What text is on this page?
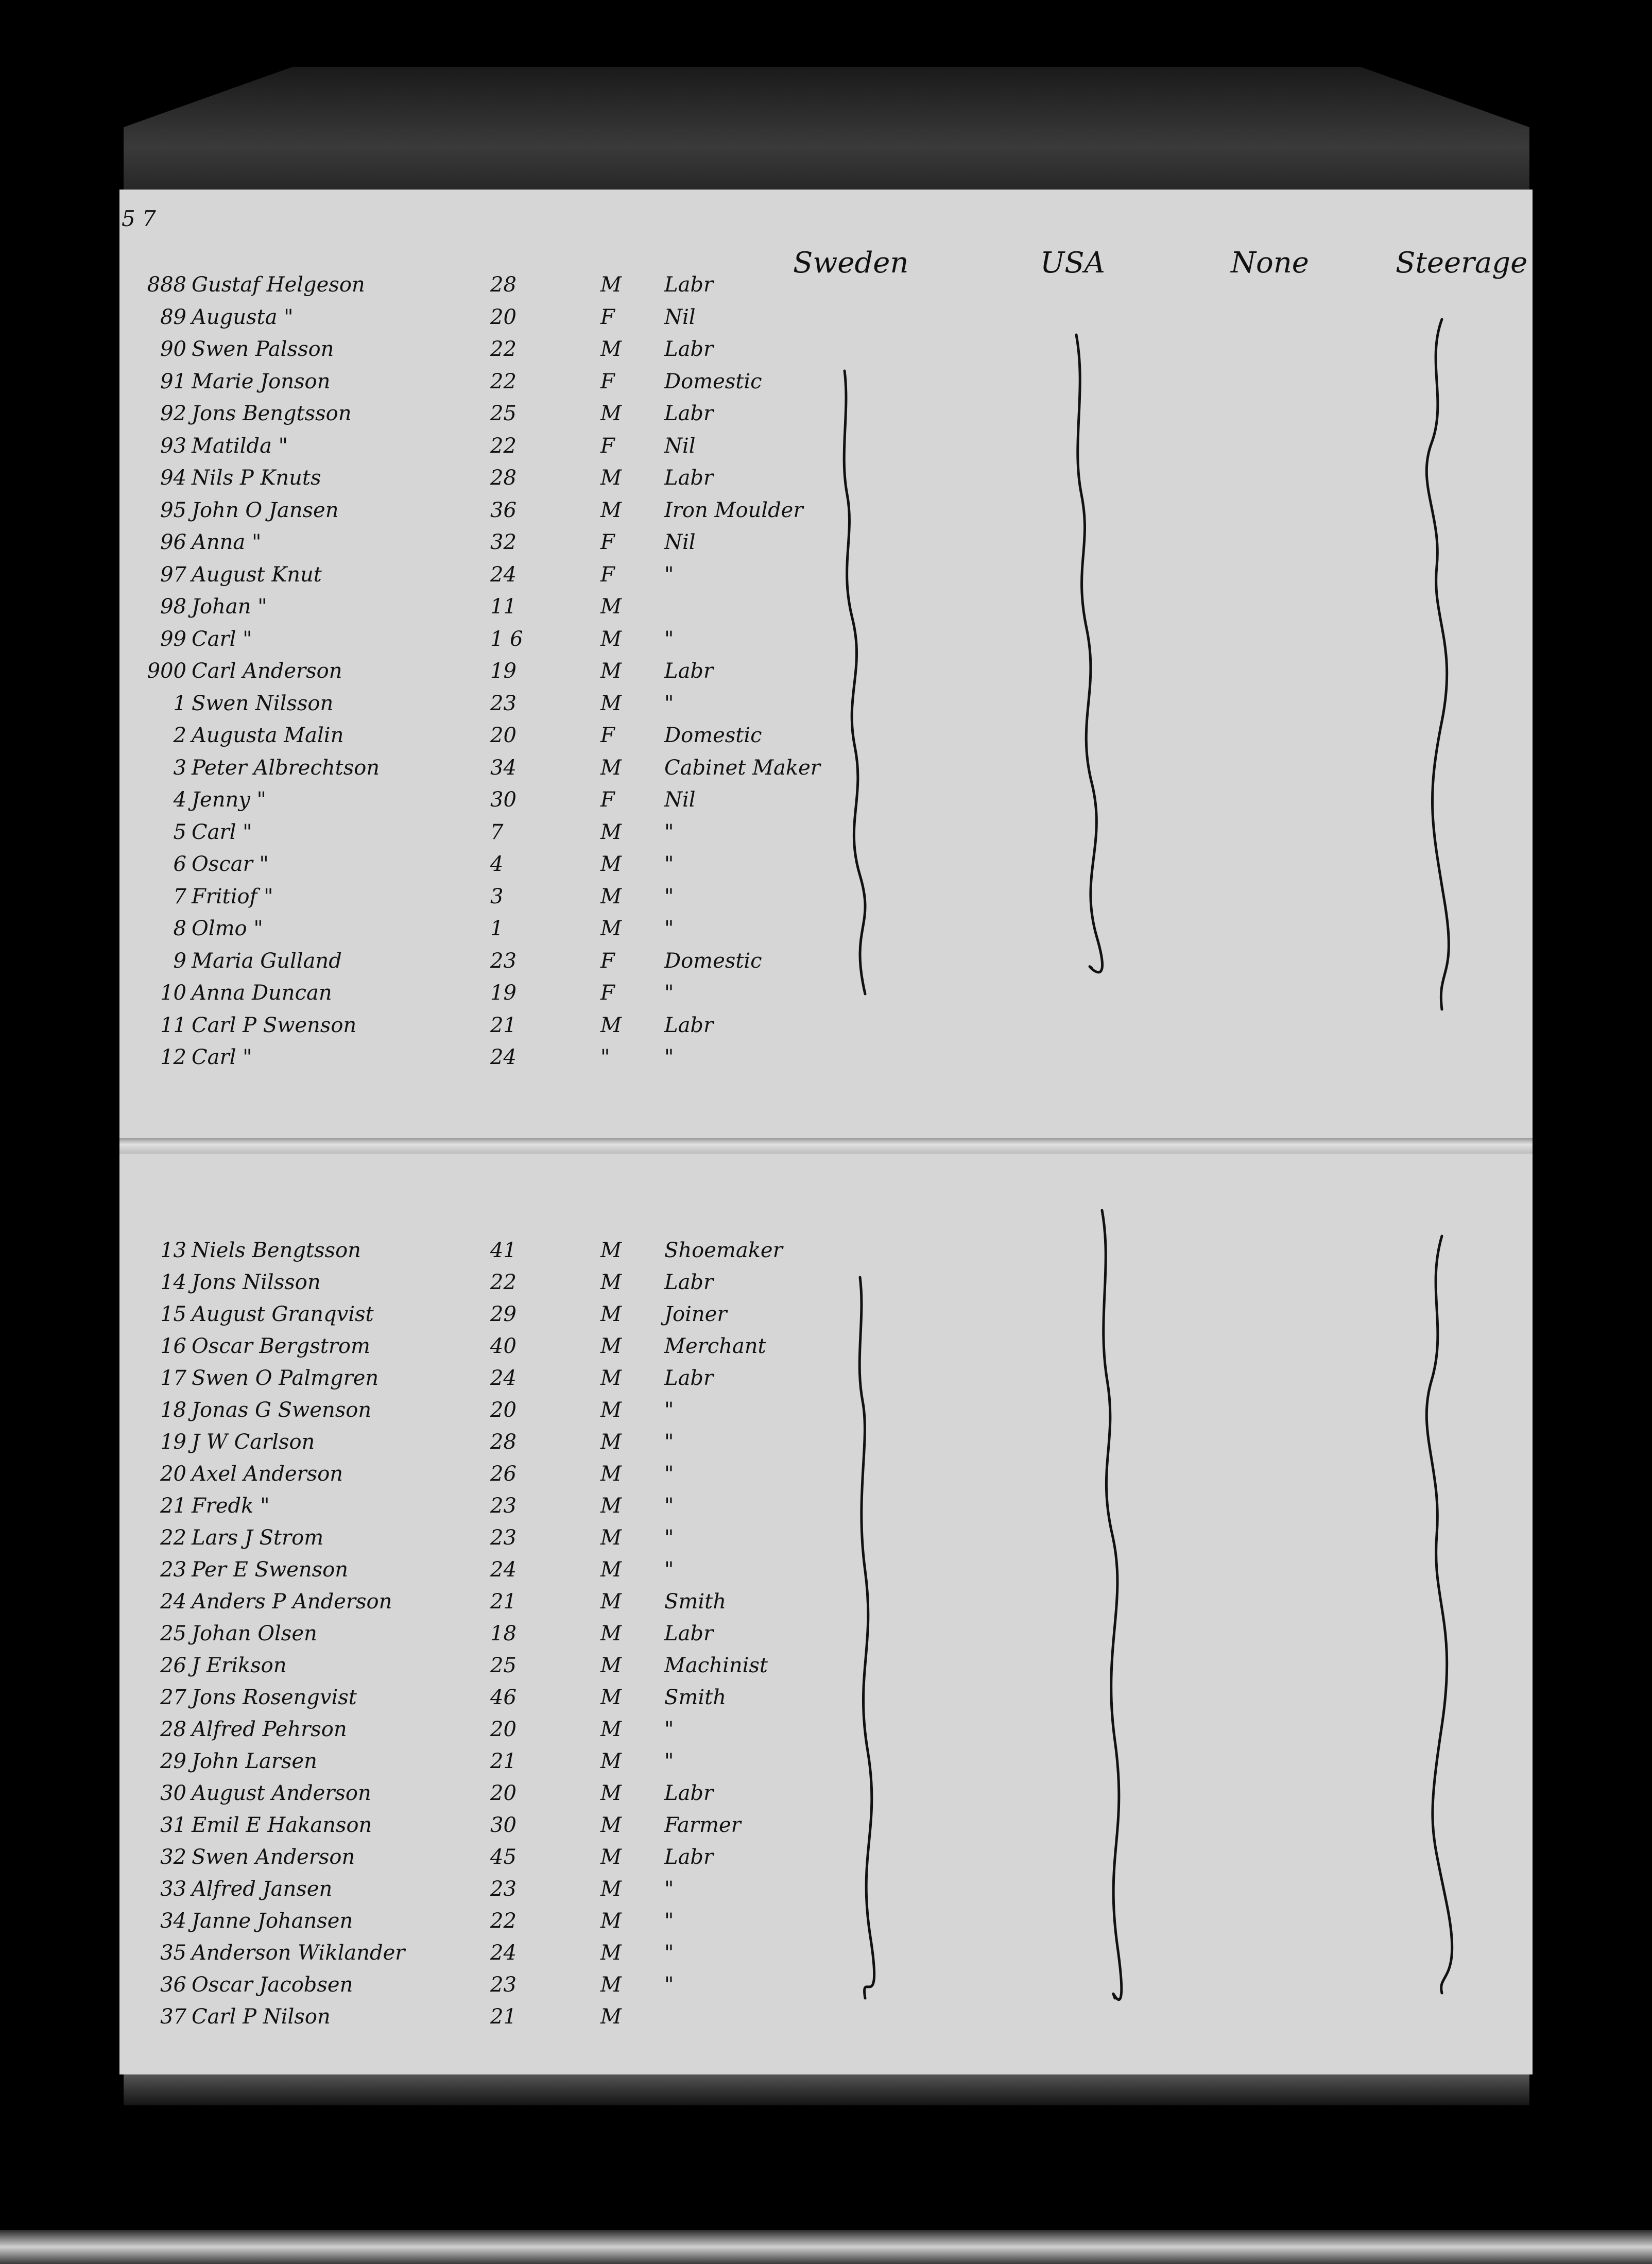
5 7
Sweden	USA	None	Steerage
888 Gustaf Helgeson	28	M Labr
89 Augusta "	20	F Nil
90 Swen Palsson	22	M Labr
91 Marie Jonson	22	F Domestic
92 Jons Bengtsson	25	M Labr
93 Matilda "	22	F Nil
94 Nils P Knuts	28	M Labr
95 John O Jansen	36	M Iron Moulder
96 Anna "	32	F Nil
97 August Knut	24	F "
98 Johan "	11	M
99 Carl "	1 6	M "
900 Carl Anderson	19	M Labr
1 Swen Nilsson	23	M "
2 Augusta Malin	20	F Domestic
3 Peter Albrechtson	34	M Cabinet Maker
4 Jenny "	30	F Nil
5 Carl "	7	M "
6 Oscar "	4	M "
7 Fritiof "	3	M "
8 Olmo "	1	M "
9 Maria Gulland	23	F Domestic
10 Anna Duncan	19	F "
11 Carl P Swenson	21	M Labr
12 Carl "	24	"	"
13 Niels Bengtsson	41	M Shoemaker
14 Jons Nilsson	22	M Labr
15 August Granqvist	29	M Joiner
16 Oscar Bergstrom	40	M Merchant
17 Swen O Palmgren	24	M Labr
18 Jonas G Swenson	20	M "
19 J W Carlson	28	M "
20 Axel Anderson	26	M "
21 Fredk "	23	M "
22 Lars J Strom	23	M "
23 Per E Swenson	24	M "
24 Anders P Anderson	21	M Smith
25 Johan Olsen	18	M Labr
26 J Erikson	25	M Machinist
27 Jons Rosengvist	46	M Smith
28 Alfred Pehrson	20	M "
29 John Larsen	21	M "
30 August Anderson	20	M Labr
31 Emil E Hakanson	30	M Farmer
32 Swen Anderson	45	M Labr
33 Alfred Jansen	23	M "
34 Janne Johansen	22	M "
35 Anderson Wiklander	24	M "
36 Oscar Jacobsen	23	M "
37 Carl P Nilson	21	M
